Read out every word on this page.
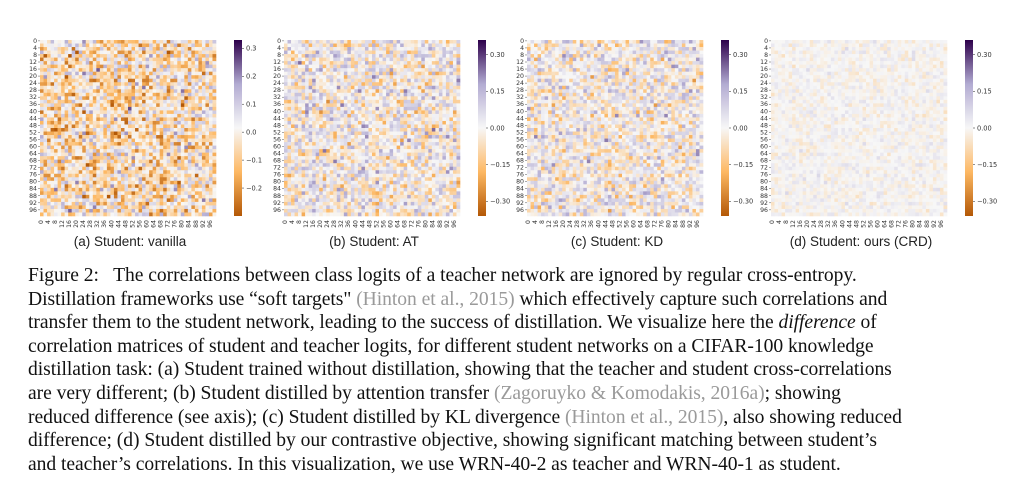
0
0
4
4
8
8
12
12
16
16
20
20
24
24
28
28
32
32
36
36
40
40
44
44
48
48
52
52
56
56
60
60
64
64
68
68
72
72
76
76
80
80
84
84
88
88
92
92
96
96
0.3
0.2
0.1
0.0
−0.1
−0.2
0
0
4
4
8
8
12
12
16
16
20
20
24
24
28
28
32
32
36
36
40
40
44
44
48
48
52
52
56
56
60
60
64
64
68
68
72
72
76
76
80
80
84
84
88
88
92
92
96
96
0.30
0.15
0.00
−0.15
−0.30
0
0
4
4
8
8
12
12
16
16
20
20
24
24
28
28
32
32
36
36
40
40
44
44
48
48
52
52
56
56
60
60
64
64
68
68
72
72
76
76
80
80
84
84
88
88
92
92
96
96
0.30
0.15
0.00
−0.15
−0.30
0
0
4
4
8
8
12
12
16
16
20
20
24
24
28
28
32
32
36
36
40
40
44
44
48
48
52
52
56
56
60
60
64
64
68
68
72
72
76
76
80
80
84
84
88
88
92
92
96
96
0.30
0.15
0.00
−0.15
−0.30
(a) Student: vanilla	(b) Student: AT	(c) Student: KD	(d) Student: ours (CRD)
Figure 2: The correlations between class logits of a teacher network are ignored by regular cross-entropy.
Distillation frameworks use “soft targets" (Hinton et al., 2015) which effectively capture such correlations and
transfer them to the student network, leading to the success of distillation. We visualize here the difference of
correlation matrices of student and teacher logits, for different student networks on a CIFAR-100 knowledge
distillation task: (a) Student trained without distillation, showing that the teacher and student cross-correlations
are very different; (b) Student distilled by attention transfer (Zagoruyko & Komodakis, 2016a); showing
reduced difference (see axis); (c) Student distilled by KL divergence (Hinton et al., 2015), also showing reduced
difference; (d) Student distilled by our contrastive objective, showing significant matching between student’s
and teacher’s correlations. In this visualization, we use WRN-40-2 as teacher and WRN-40-1 as student.
